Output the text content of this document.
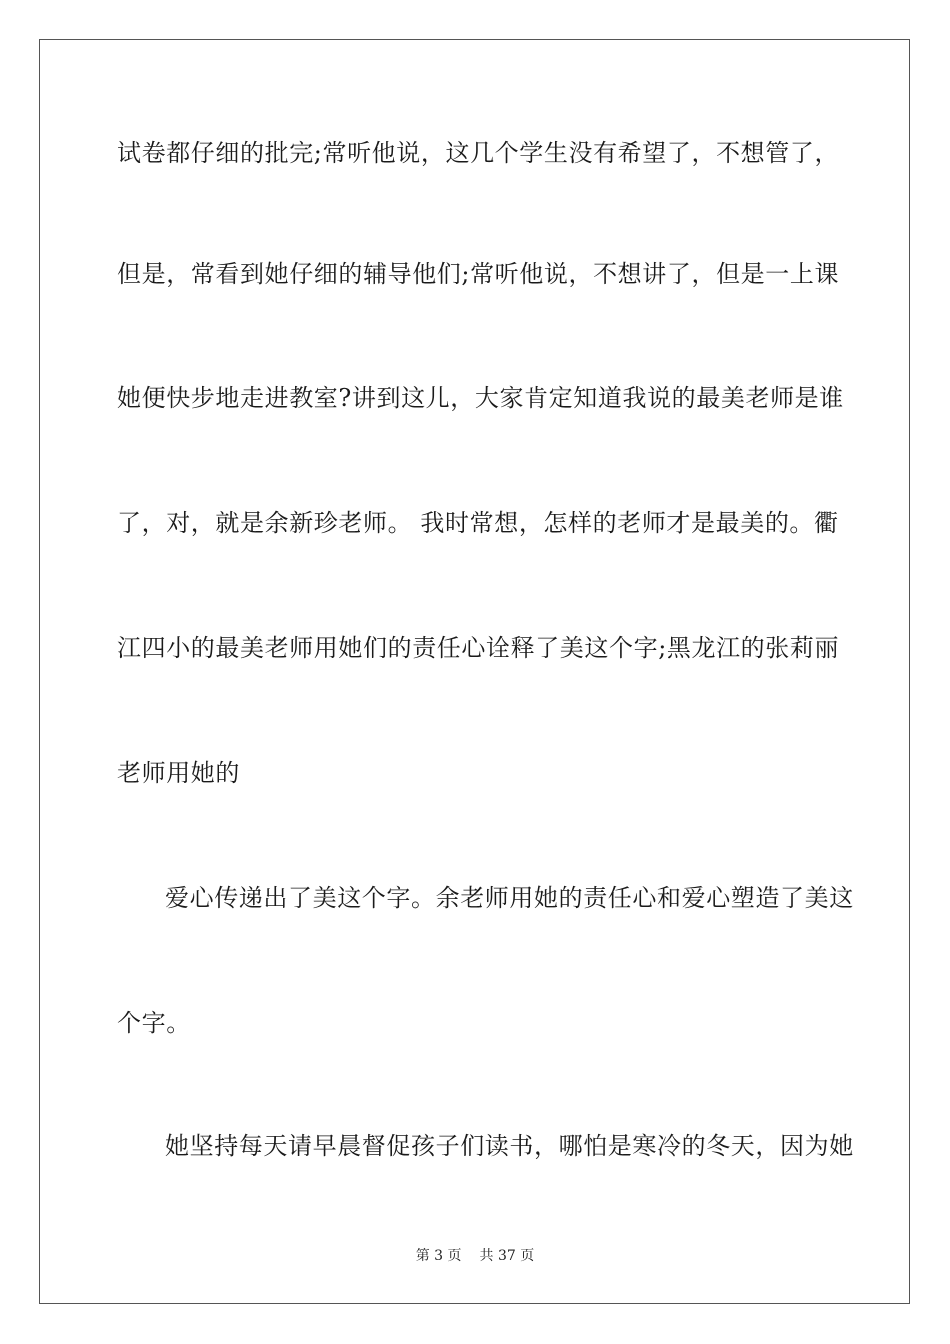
试卷都仔细的批完;常听他说，这几个学生没有希望了，不想管了，
但是，常看到她仔细的辅导他们;常听他说，不想讲了，但是一上课
她便快步地走进教室?讲到这儿，大家肯定知道我说的最美老师是谁
了，对，就是余新珍老师。 我时常想，怎样的老师才是最美的。衢
江四小的最美老师用她们的责任心诠释了美这个字;黑龙江的张莉丽
老师用她的
爱心传递出了美这个字。余老师用她的责任心和爱心塑造了美这
个字。
她坚持每天请早晨督促孩子们读书，哪怕是寒冷的冬天，因为她
第 3 页 共 37 页
